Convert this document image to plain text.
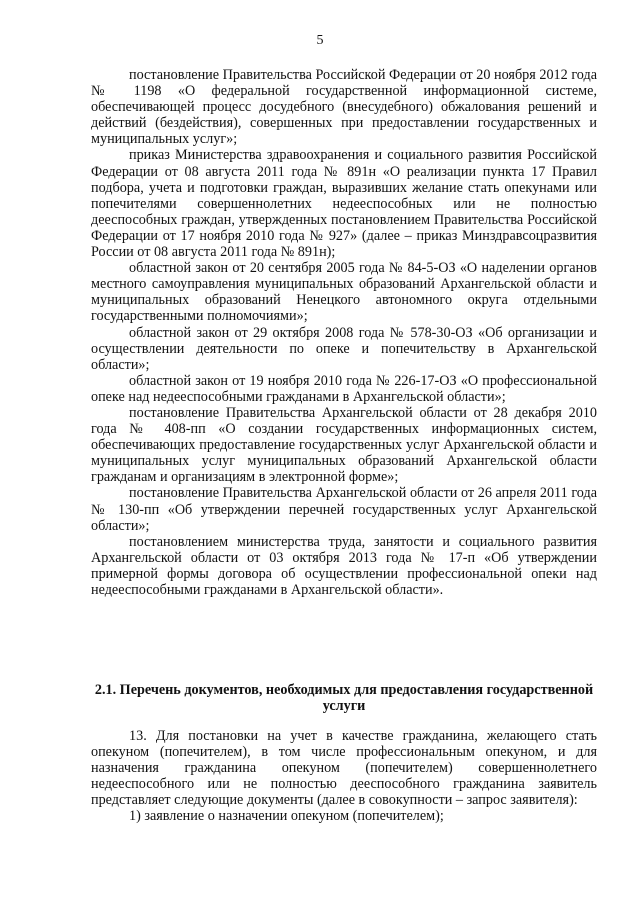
5

постановление Правительства Российской Федерации от 20 ноября 2012 года № 1198 «О федеральной государственной информационной системе, обеспечивающей процесс досудебного (внесудебного) обжалования решений и действий (бездействия), совершенных при предоставлении государственных и муниципальных услуг»;

приказ Министерства здравоохранения и социального развития Российской Федерации от 08 августа 2011 года № 891н «О реализации пункта 17 Правил подбора, учета и подготовки граждан, выразивших желание стать опекунами или попечителями совершеннолетних недееспособных или не полностью дееспособных граждан, утвержденных постановлением Правительства Российской Федерации от 17 ноября 2010 года № 927» (далее – приказ Минздравсоцразвития России от 08 августа 2011 года № 891н);

областной закон от 20 сентября 2005 года № 84-5-ОЗ «О наделении органов местного самоуправления муниципальных образований Архангельской области и муниципальных образований Ненецкого автономного округа отдельными государственными полномочиями»;

областной закон от 29 октября 2008 года № 578-30-ОЗ «Об организации и осуществлении деятельности по опеке и попечительству в Архангельской области»;

областной закон от 19 ноября 2010 года № 226-17-ОЗ «О профессиональной опеке над недееспособными гражданами в Архангельской области»;

постановление Правительства Архангельской области от 28 декабря 2010 года № 408-пп «О создании государственных информационных систем, обеспечивающих предоставление государственных услуг Архангельской области и муниципальных услуг муниципальных образований Архангельской области гражданам и организациям в электронной форме»;

постановление Правительства Архангельской области от 26 апреля 2011 года № 130-пп «Об утверждении перечней государственных услуг Архангельской области»;

постановлением министерства труда, занятости и социального развития Архангельской области от 03 октября 2013 года № 17-п «Об утверждении примерной формы договора об осуществлении профессиональной опеки над недееспособными гражданами в Архангельской области».

2.1. Перечень документов, необходимых для предоставления государственной услуги

13. Для постановки на учет в качестве гражданина, желающего стать опекуном (попечителем), в том числе профессиональным опекуном, и для назначения гражданина опекуном (попечителем) совершеннолетнего недееспособного или не полностью дееспособного гражданина заявитель представляет следующие документы (далее в совокупности – запрос заявителя):

1) заявление о назначении опекуном (попечителем);
